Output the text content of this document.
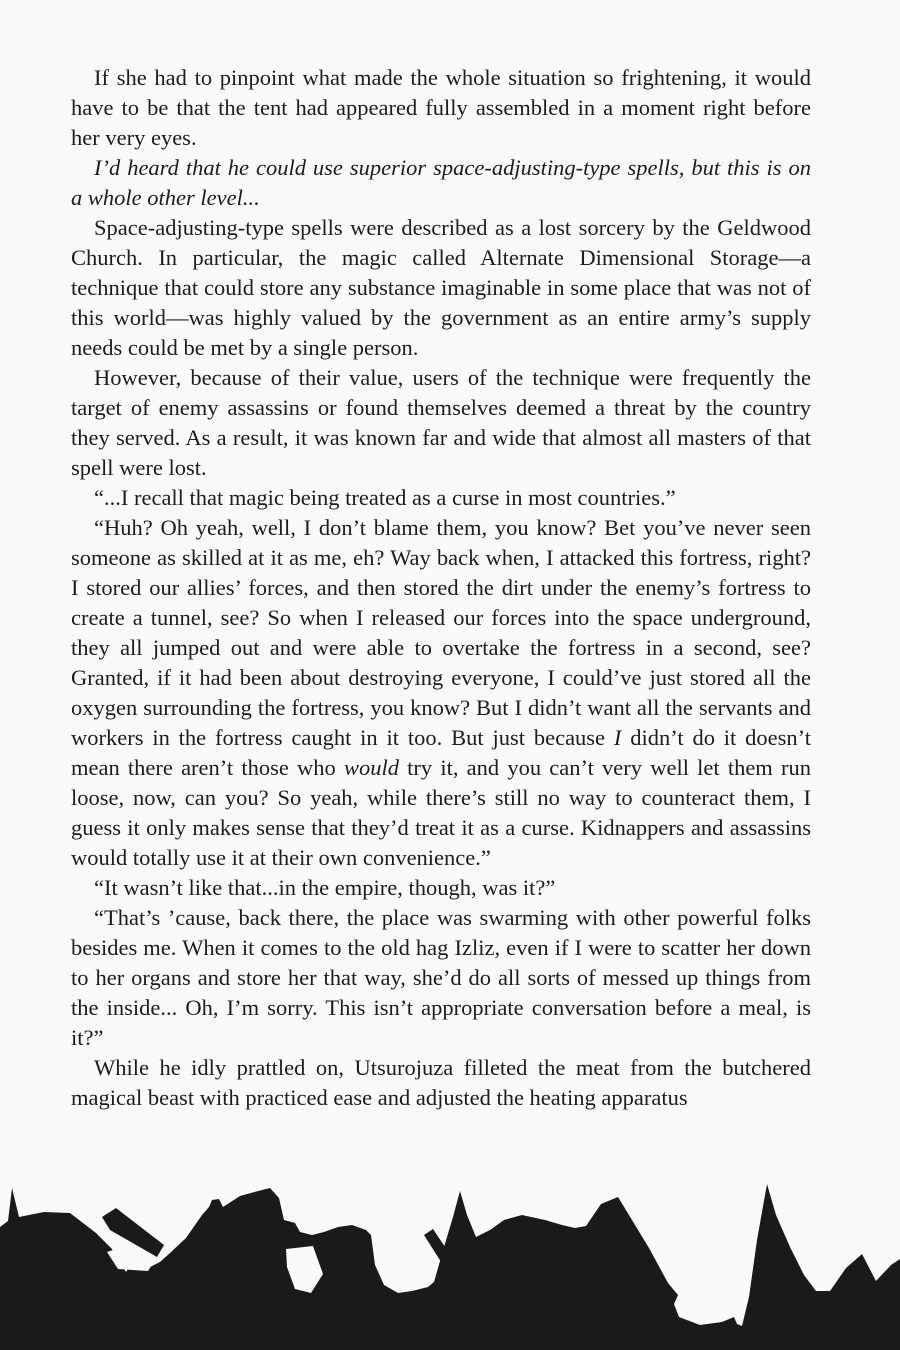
If she had to pinpoint what made the whole situation so frightening, it would have to be that the tent had appeared fully assembled in a moment right before her very eyes.

I’d heard that he could use superior space-adjusting-type spells, but this is on a whole other level...

Space-adjusting-type spells were described as a lost sorcery by the Geldwood Church. In particular, the magic called Alternate Dimensional Storage—a technique that could store any substance imaginable in some place that was not of this world—was highly valued by the government as an entire army’s supply needs could be met by a single person.

However, because of their value, users of the technique were frequently the target of enemy assassins or found themselves deemed a threat by the country they served. As a result, it was known far and wide that almost all masters of that spell were lost.

“...I recall that magic being treated as a curse in most countries.”

“Huh? Oh yeah, well, I don’t blame them, you know? Bet you’ve never seen someone as skilled at it as me, eh? Way back when, I attacked this fortress, right? I stored our allies’ forces, and then stored the dirt under the enemy’s fortress to create a tunnel, see? So when I released our forces into the space underground, they all jumped out and were able to overtake the fortress in a second, see? Granted, if it had been about destroying everyone, I could’ve just stored all the oxygen surrounding the fortress, you know? But I didn’t want all the servants and workers in the fortress caught in it too. But just because I didn’t do it doesn’t mean there aren’t those who would try it, and you can’t very well let them run loose, now, can you? So yeah, while there’s still no way to counteract them, I guess it only makes sense that they’d treat it as a curse. Kidnappers and assassins would totally use it at their own convenience.”

“It wasn’t like that...in the empire, though, was it?”

“That’s ’cause, back there, the place was swarming with other powerful folks besides me. When it comes to the old hag Izliz, even if I were to scatter her down to her organs and store her that way, she’d do all sorts of messed up things from the inside... Oh, I’m sorry. This isn’t appropriate conversation before a meal, is it?”

While he idly prattled on, Utsurojuza filleted the meat from the butchered magical beast with practiced ease and adjusted the heating apparatus
